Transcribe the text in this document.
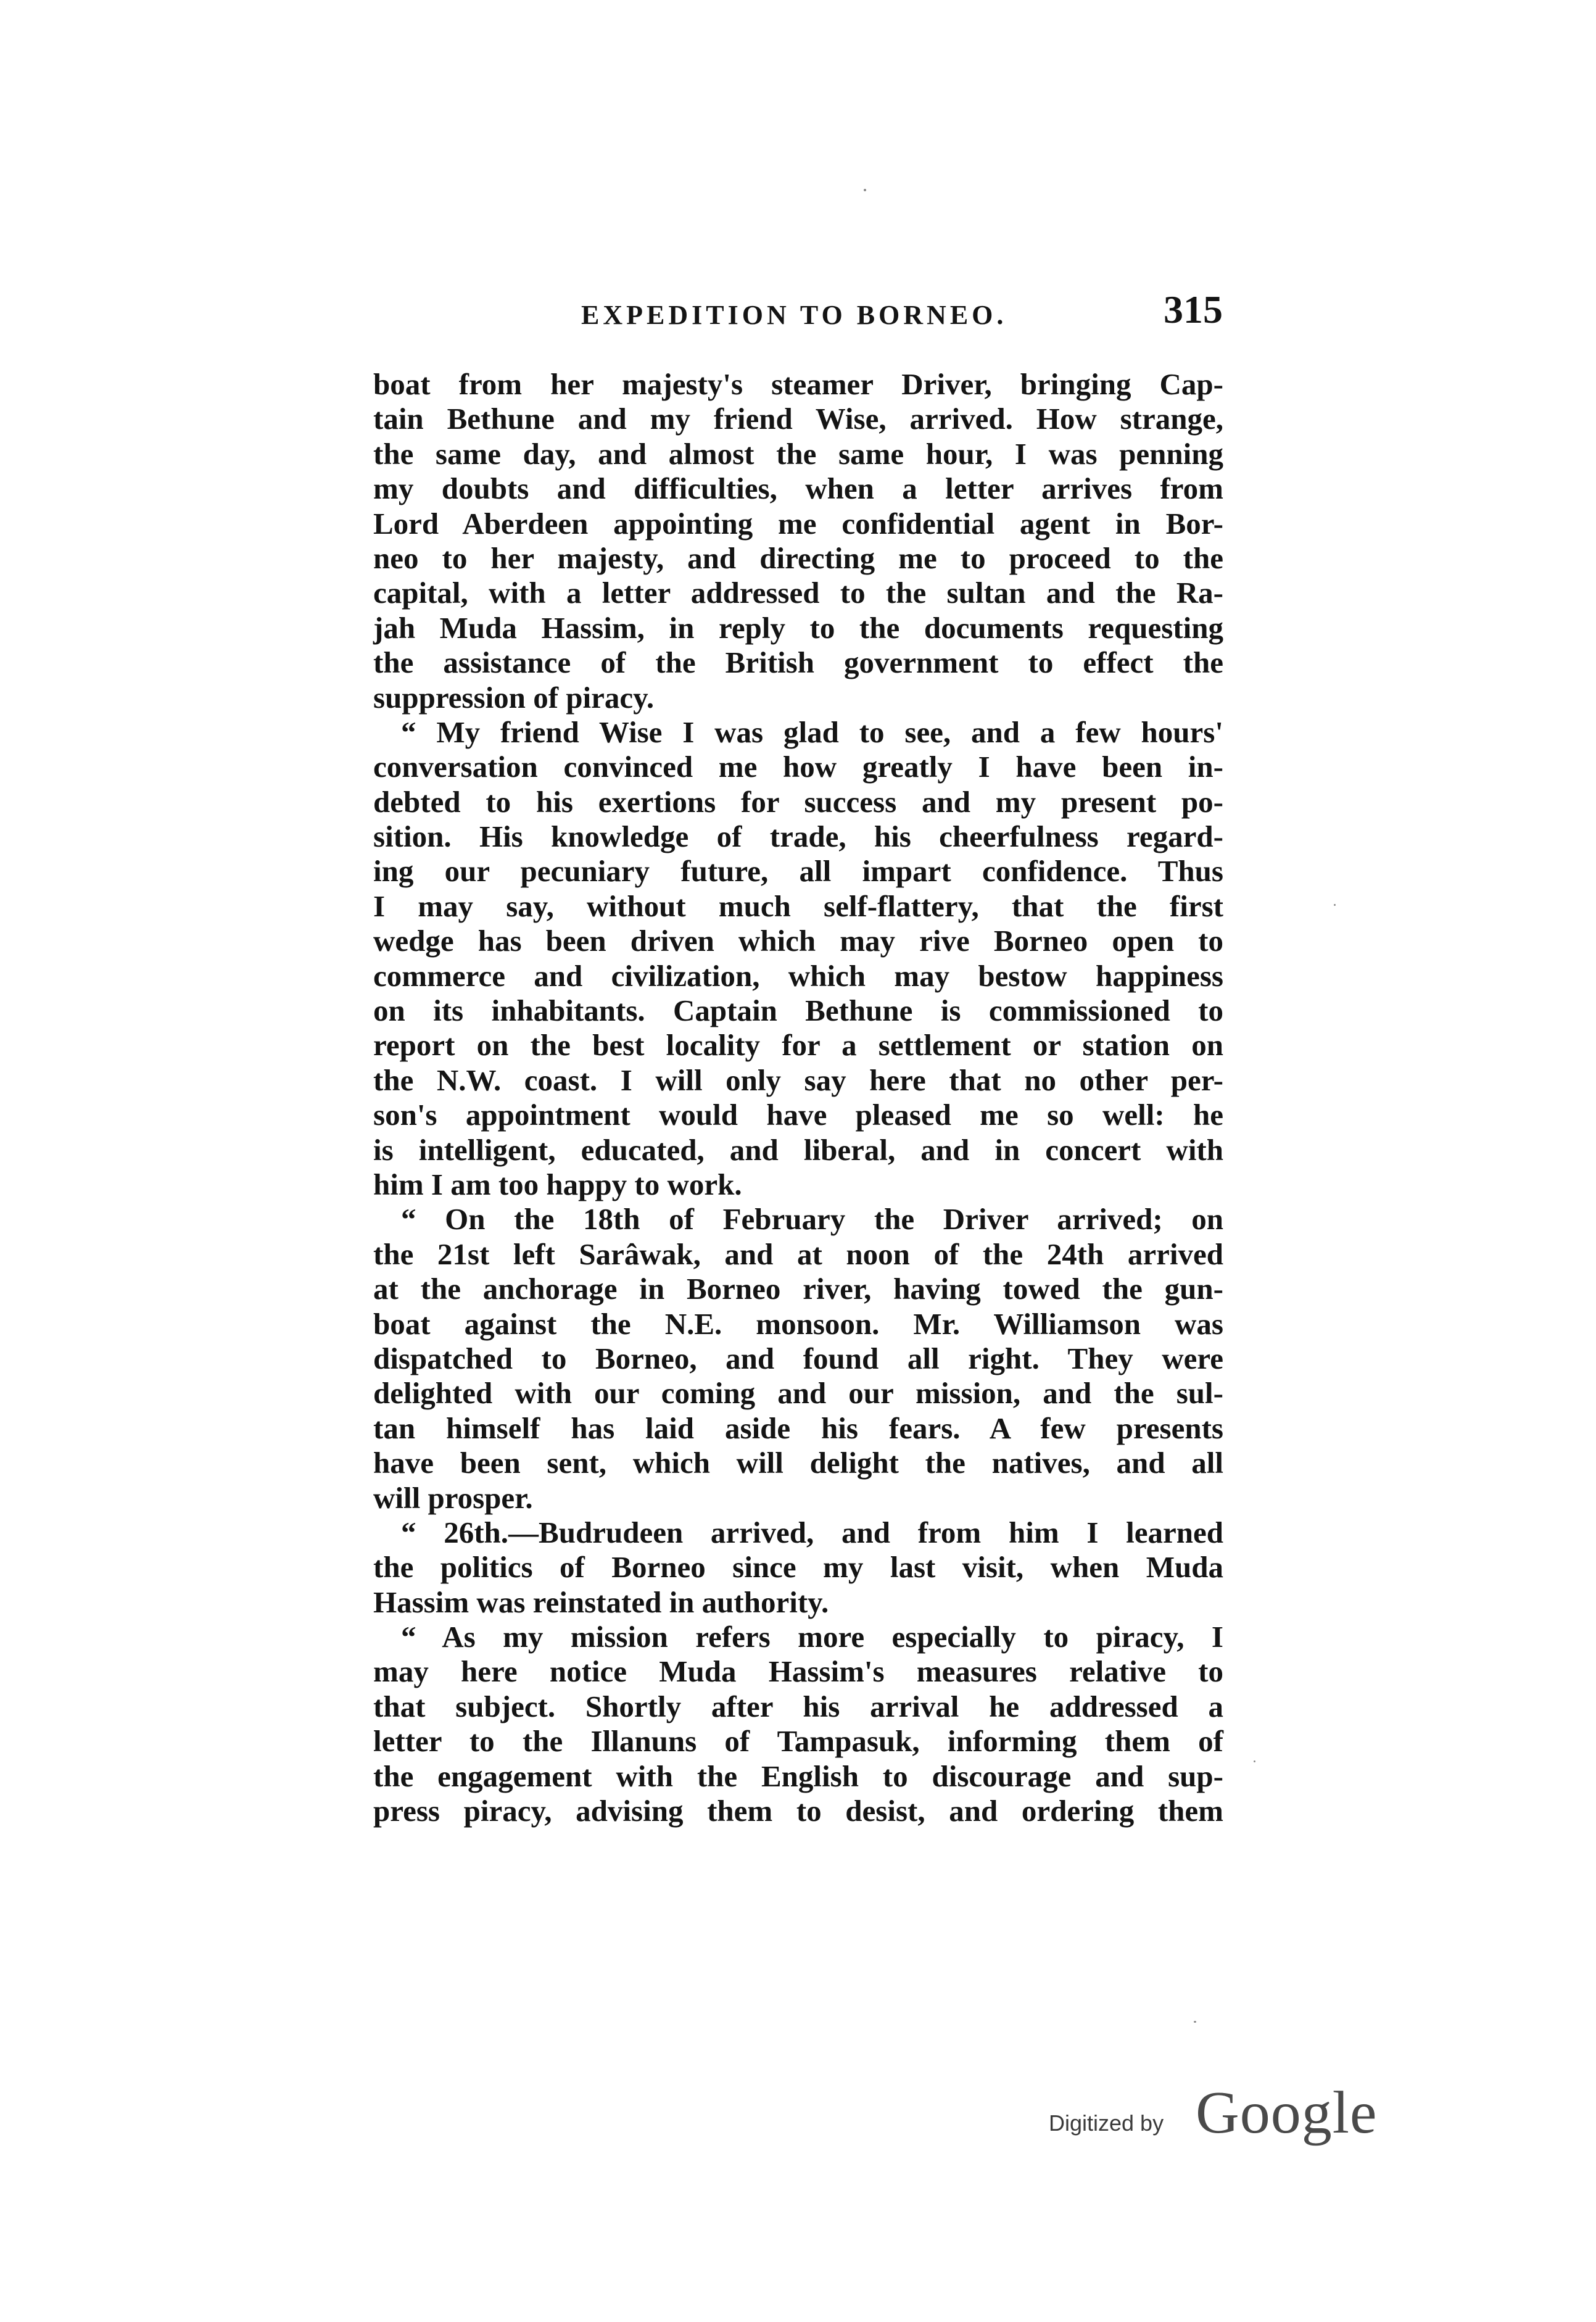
EXPEDITION TO BORNEO.	315
boat from her majesty's steamer Driver, bringing Cap-
tain Bethune and my friend Wise, arrived. How strange,
the same day, and almost the same hour, I was penning
my doubts and difficulties, when a letter arrives from
Lord Aberdeen appointing me confidential agent in Bor-
neo to her majesty, and directing me to proceed to the
capital, with a letter addressed to the sultan and the Ra-
jah Muda Hassim, in reply to the documents requesting
the assistance of the British government to effect the
suppression of piracy.
“ My friend Wise I was glad to see, and a few hours'
conversation convinced me how greatly I have been in-
debted to his exertions for success and my present po-
sition. His knowledge of trade, his cheerfulness regard-
ing our pecuniary future, all impart confidence. Thus
I may say, without much self-flattery, that the first
wedge has been driven which may rive Borneo open to
commerce and civilization, which may bestow happiness
on its inhabitants. Captain Bethune is commissioned to
report on the best locality for a settlement or station on
the N.W. coast. I will only say here that no other per-
son's appointment would have pleased me so well: he
is intelligent, educated, and liberal, and in concert with
him I am too happy to work.
“ On the 18th of February the Driver arrived; on
the 21st left Sarâwak, and at noon of the 24th arrived
at the anchorage in Borneo river, having towed the gun-
boat against the N.E. monsoon. Mr. Williamson was
dispatched to Borneo, and found all right. They were
delighted with our coming and our mission, and the sul-
tan himself has laid aside his fears. A few presents
have been sent, which will delight the natives, and all
will prosper.
“ 26th.—Budrudeen arrived, and from him I learned
the politics of Borneo since my last visit, when Muda
Hassim was reinstated in authority.
“ As my mission refers more especially to piracy, I
may here notice Muda Hassim's measures relative to
that subject. Shortly after his arrival he addressed a
letter to the Illanuns of Tampasuk, informing them of
the engagement with the English to discourage and sup-
press piracy, advising them to desist, and ordering them
Digitized by Google
